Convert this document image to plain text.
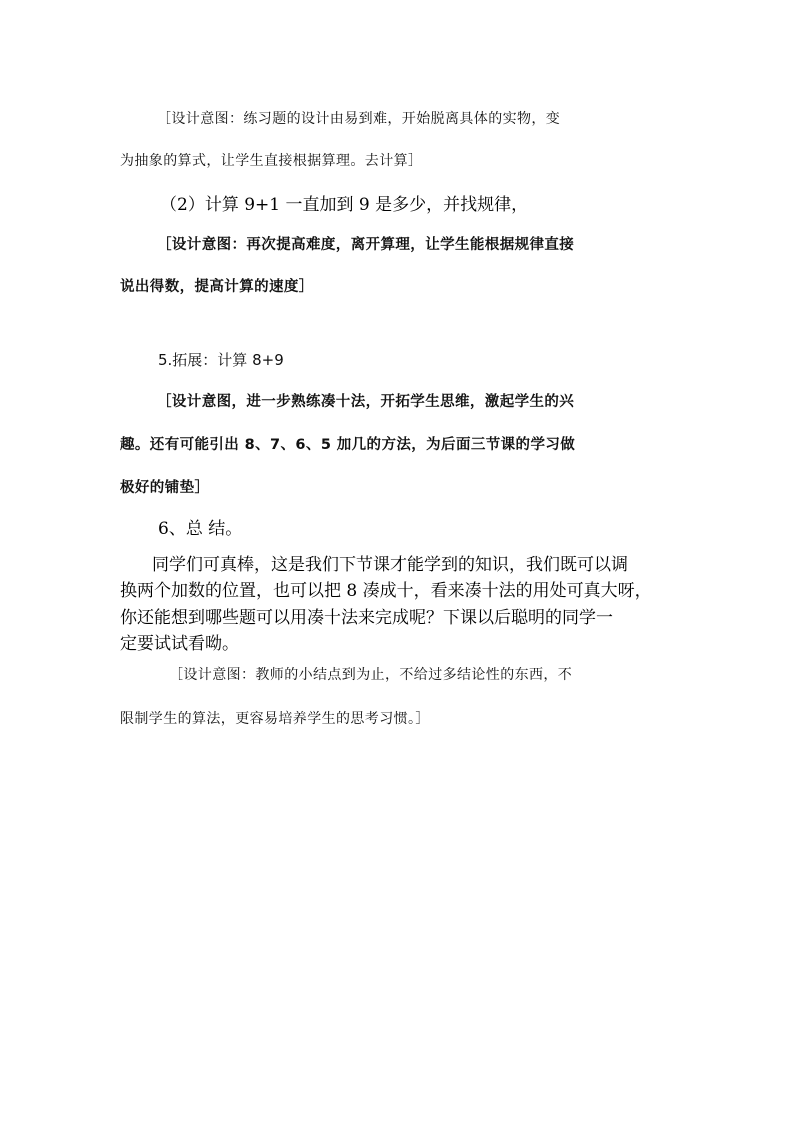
［设计意图：练习题的设计由易到难，开始脱离具体的实物，变
为抽象的算式，让学生直接根据算理。去计算］
（2）计算 9+1 一直加到 9 是多少，并找规律，
［设计意图：再次提高难度，离开算理，让学生能根据规律直接
说出得数，提高计算的速度］
5.拓展：计算 8+9
［设计意图，进一步熟练凑十法，开拓学生思维，激起学生的兴
趣。还有可能引出 8、7、6、5 加几的方法，为后面三节课的学习做
极好的铺垫］
6、总 结。
同学们可真棒，这是我们下节课才能学到的知识，我们既可以调
换两个加数的位置，也可以把 8 凑成十，看来凑十法的用处可真大呀，
你还能想到哪些题可以用凑十法来完成呢？下课以后聪明的同学一
定要试试看呦。
［设计意图：教师的小结点到为止，不给过多结论性的东西，不
限制学生的算法，更容易培养学生的思考习惯。］
